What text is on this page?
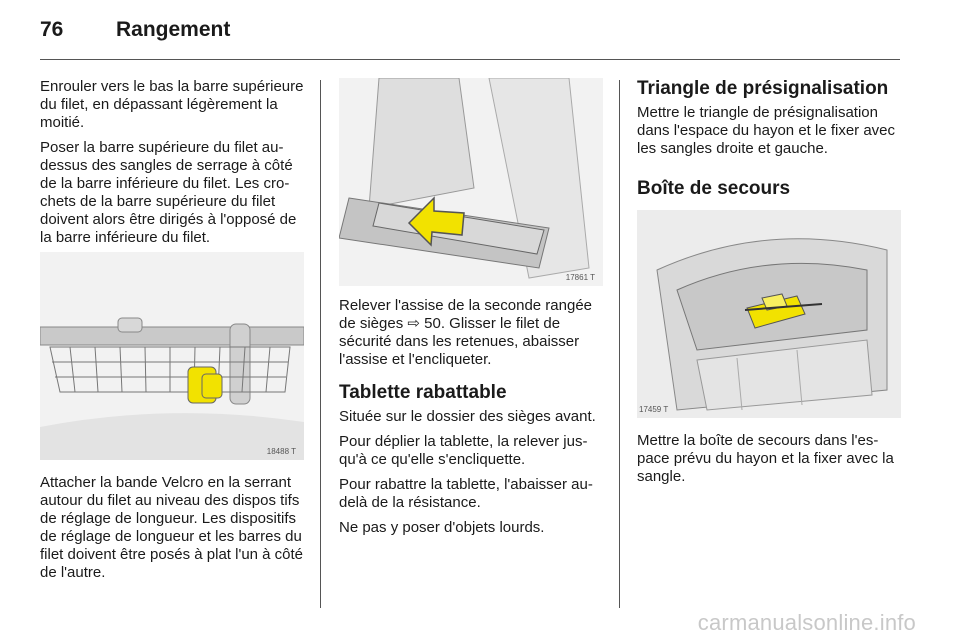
76	Rangement

Enrouler vers le bas la barre supérieure du filet, en dépassant légèrement la moitié.

Poser la barre supérieure du filet au-dessus des sangles de serrage à côté de la barre inférieure du filet. Les crochets de la barre supérieure du filet doivent alors être dirigés à l'opposé de la barre inférieure du filet.

18488 T

Attacher la bande Velcro en la serrant autour du filet au niveau des dispos tifs de réglage de longueur. Les dispositifs de réglage de longueur et les barres du filet doivent être posés à plat l'un à côté de l'autre.

17861 T

Relever l'assise de la seconde rangée de sièges ⇨ 50. Glisser le filet de sécurité dans les retenues, abaisser l'assise et l'encliqueter.

Tablette rabattable

Située sur le dossier des sièges avant.

Pour déplier la tablette, la relever jusqu'à ce qu'elle s'encliquette.

Pour rabattre la tablette, l'abaisser au-delà de la résistance.

Ne pas y poser d'objets lourds.

Triangle de présignalisation

Mettre le triangle de présignalisation dans l'espace du hayon et le fixer avec les sangles droite et gauche.

Boîte de secours
17459 T

Mettre la boîte de secours dans l'espace prévu du hayon et la fixer avec la sangle.

carmanualsonline.info
